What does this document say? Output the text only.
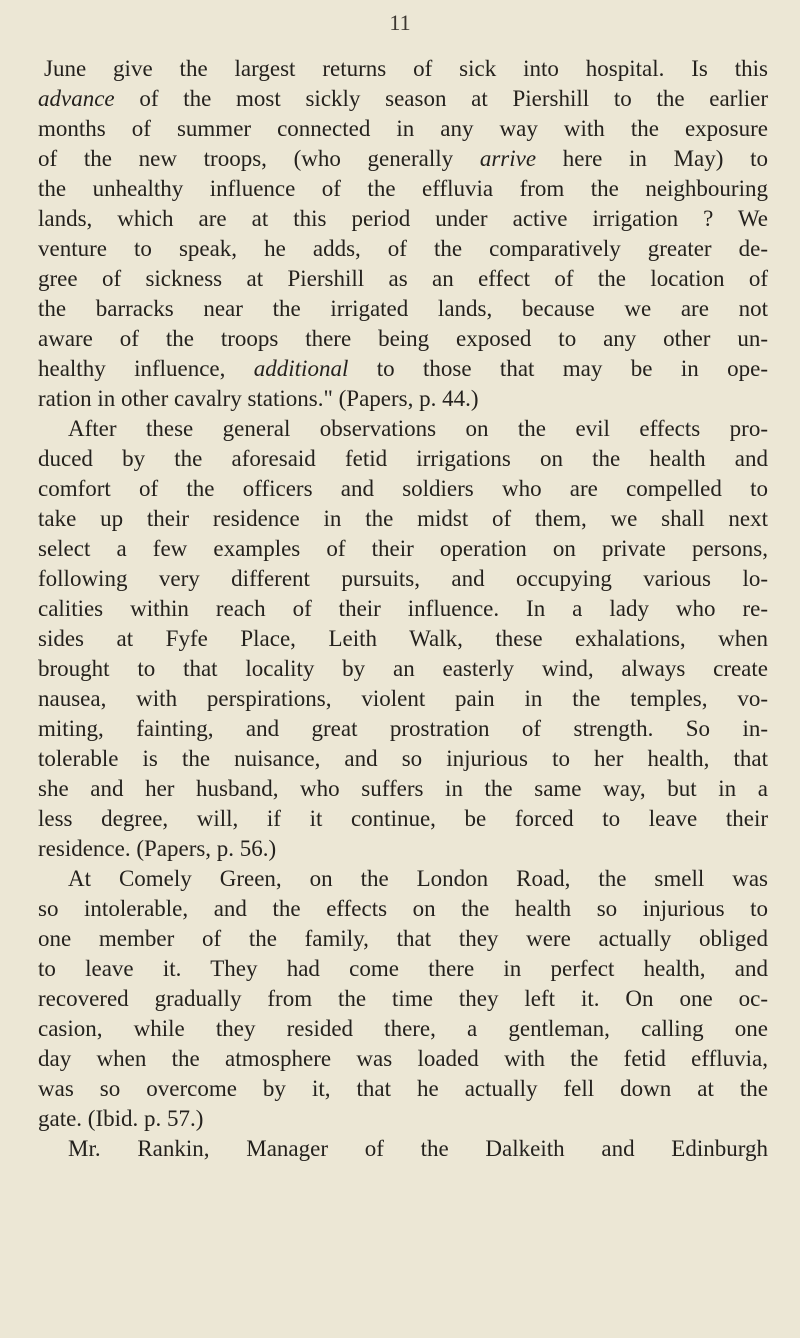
11
June give the largest returns of sick into hospital. Is this
advance of the most sickly season at Piershill to the earlier
months of summer connected in any way with the exposure
of the new troops, (who generally arrive here in May) to
the unhealthy influence of the effluvia from the neighbouring
lands, which are at this period under active irrigation ? We
venture to speak, he adds, of the comparatively greater de-
gree of sickness at Piershill as an effect of the location of
the barracks near the irrigated lands, because we are not
aware of the troops there being exposed to any other un-
healthy influence, additional to those that may be in ope-
ration in other cavalry stations." (Papers, p. 44.)
After these general observations on the evil effects pro-
duced by the aforesaid fetid irrigations on the health and
comfort of the officers and soldiers who are compelled to
take up their residence in the midst of them, we shall next
select a few examples of their operation on private persons,
following very different pursuits, and occupying various lo-
calities within reach of their influence. In a lady who re-
sides at Fyfe Place, Leith Walk, these exhalations, when
brought to that locality by an easterly wind, always create
nausea, with perspirations, violent pain in the temples, vo-
miting, fainting, and great prostration of strength. So in-
tolerable is the nuisance, and so injurious to her health, that
she and her husband, who suffers in the same way, but in a
less degree, will, if it continue, be forced to leave their
residence. (Papers, p. 56.)
At Comely Green, on the London Road, the smell was
so intolerable, and the effects on the health so injurious to
one member of the family, that they were actually obliged
to leave it. They had come there in perfect health, and
recovered gradually from the time they left it. On one oc-
casion, while they resided there, a gentleman, calling one
day when the atmosphere was loaded with the fetid effluvia,
was so overcome by it, that he actually fell down at the
gate. (Ibid. p. 57.)
Mr. Rankin, Manager of the Dalkeith and Edinburgh
